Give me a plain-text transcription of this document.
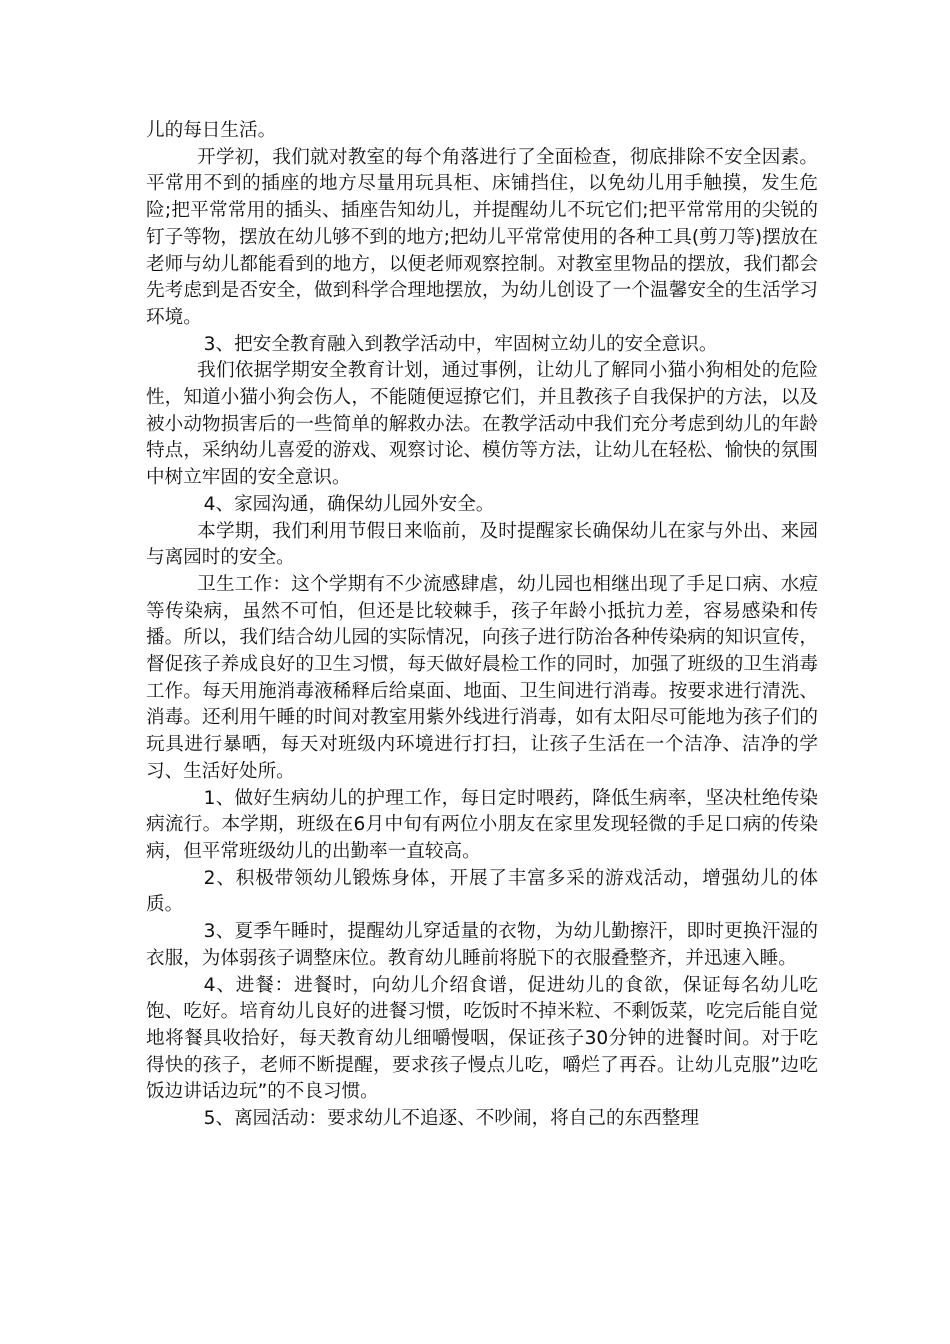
儿的每日生活。

开学初，我们就对教室的每个角落进行了全面检查，彻底排除不安全因素。平常用不到的插座的地方尽量用玩具柜、床铺挡住，以免幼儿用手触摸，发生危险;把平常常用的插头、插座告知幼儿，并提醒幼儿不玩它们;把平常常用的尖锐的钉子等物，摆放在幼儿够不到的地方;把幼儿平常常使用的各种工具(剪刀等)摆放在老师与幼儿都能看到的地方，以便老师观察控制。对教室里物品的摆放，我们都会先考虑到是否安全，做到科学合理地摆放，为幼儿创设了一个温馨安全的生活学习环境。

3、把安全教育融入到教学活动中，牢固树立幼儿的安全意识。

我们依据学期安全教育计划，通过事例，让幼儿了解同小猫小狗相处的危险性，知道小猫小狗会伤人，不能随便逗撩它们，并且教孩子自我保护的方法，以及被小动物损害后的一些简单的解救办法。在教学活动中我们充分考虑到幼儿的年龄特点，采纳幼儿喜爱的游戏、观察讨论、模仿等方法，让幼儿在轻松、愉快的氛围中树立牢固的安全意识。

4、家园沟通，确保幼儿园外安全。

本学期，我们利用节假日来临前，及时提醒家长确保幼儿在家与外出、来园与离园时的安全。

卫生工作：这个学期有不少流感肆虐，幼儿园也相继出现了手足口病、水痘等传染病，虽然不可怕，但还是比较棘手，孩子年龄小抵抗力差，容易感染和传播。所以，我们结合幼儿园的实际情况，向孩子进行防治各种传染病的知识宣传，督促孩子养成良好的卫生习惯，每天做好晨检工作的同时，加强了班级的卫生消毒工作。每天用施消毒液稀释后给桌面、地面、卫生间进行消毒。按要求进行清洗、消毒。还利用午睡的时间对教室用紫外线进行消毒，如有太阳尽可能地为孩子们的玩具进行暴晒，每天对班级内环境进行打扫，让孩子生活在一个洁净、洁净的学习、生活好处所。

1、做好生病幼儿的护理工作，每日定时喂药，降低生病率，坚决杜绝传染病流行。本学期，班级在6月中旬有两位小朋友在家里发现轻微的手足口病的传染病，但平常班级幼儿的出勤率一直较高。

2、积极带领幼儿锻炼身体，开展了丰富多采的游戏活动，增强幼儿的体质。

3、夏季午睡时，提醒幼儿穿适量的衣物，为幼儿勤擦汗，即时更换汗湿的衣服，为体弱孩子调整床位。教育幼儿睡前将脱下的衣服叠整齐，并迅速入睡。

4、进餐：进餐时，向幼儿介绍食谱，促进幼儿的食欲，保证每名幼儿吃饱、吃好。培育幼儿良好的进餐习惯，吃饭时不掉米粒、不剩饭菜，吃完后能自觉地将餐具收拾好，每天教育幼儿细嚼慢咽，保证孩子30分钟的进餐时间。对于吃得快的孩子，老师不断提醒，要求孩子慢点儿吃，嚼烂了再吞。让幼儿克服”边吃饭边讲话边玩”的不良习惯。

5、离园活动：要求幼儿不追逐、不吵闹，将自己的东西整理
